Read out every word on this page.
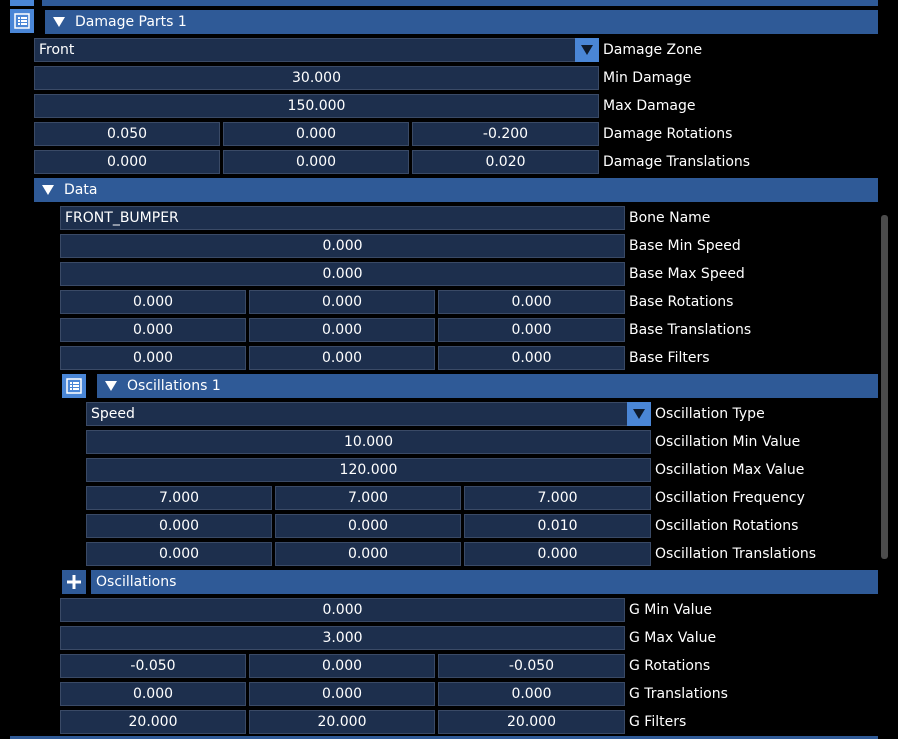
Damage Parts 1
Front	Damage Zone
30.000	Min Damage
150.000	Max Damage
0.050	0.000	-0.200	Damage Rotations
0.000	0.000	0.020	Damage Translations
Data
FRONT_BUMPER	Bone Name
0.000	Base Min Speed
0.000	Base Max Speed
0.000	0.000	0.000	Base Rotations
0.000	0.000	0.000	Base Translations
0.000	0.000	0.000	Base Filters
Oscillations 1
Speed	Oscillation Type
10.000	Oscillation Min Value
120.000	Oscillation Max Value
7.000	7.000	7.000	Oscillation Frequency
0.000	0.000	0.010	Oscillation Rotations
0.000	0.000	0.000	Oscillation Translations
Oscillations
0.000	G Min Value
3.000	G Max Value
-0.050	0.000	-0.050	G Rotations
0.000	0.000	0.000	G Translations
20.000	20.000	20.000	G Filters
